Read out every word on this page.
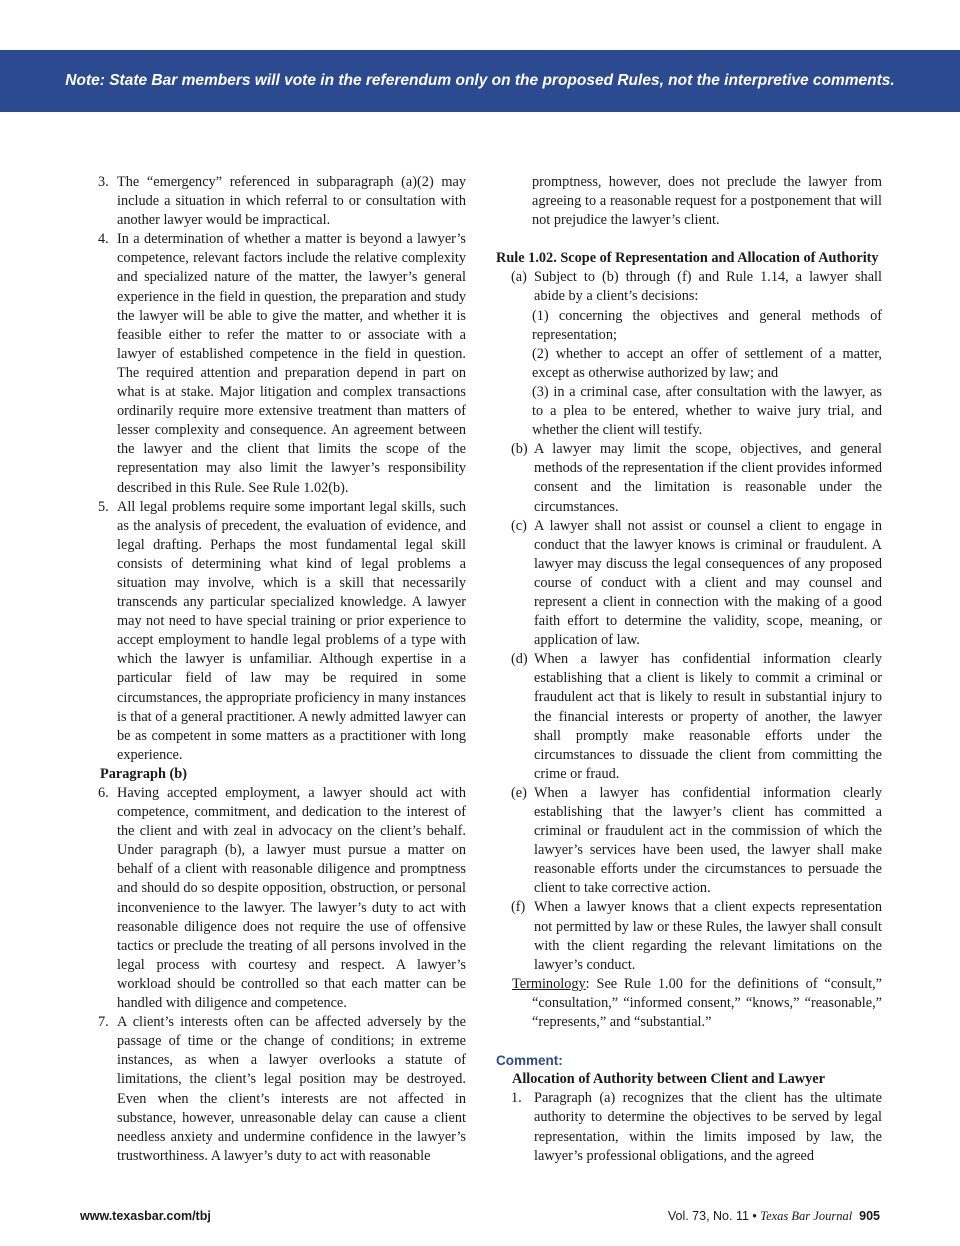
Note: State Bar members will vote in the referendum only on the proposed Rules, not the interpretive comments.

3. The “emergency” referenced in subparagraph (a)(2) may include a situation in which referral to or consultation with another lawyer would be impractical.

4. In a determination of whether a matter is beyond a lawyer’s competence, relevant factors include the relative complexity and specialized nature of the matter, the lawyer’s general experience in the field in question, the preparation and study the lawyer will be able to give the matter, and whether it is feasible either to refer the matter to or associate with a lawyer of established competence in the field in question. The required attention and preparation depend in part on what is at stake. Major litigation and complex transactions ordinarily require more extensive treatment than matters of lesser complexity and consequence. An agreement between the lawyer and the client that limits the scope of the representation may also limit the lawyer’s responsibility described in this Rule. See Rule 1.02(b).

5. All legal problems require some important legal skills, such as the analysis of precedent, the evaluation of evidence, and legal drafting. Perhaps the most fundamental legal skill consists of determining what kind of legal problems a situation may involve, which is a skill that necessarily transcends any particular specialized knowledge. A lawyer may not need to have special training or prior experience to accept employment to handle legal problems of a type with which the lawyer is unfamiliar. Although expertise in a particular field of law may be required in some circumstances, the appropriate proficiency in many instances is that of a general practitioner. A newly admitted lawyer can be as competent in some matters as a practitioner with long experience.

Paragraph (b)

6. Having accepted employment, a lawyer should act with competence, commitment, and dedication to the interest of the client and with zeal in advocacy on the client’s behalf. Under paragraph (b), a lawyer must pursue a matter on behalf of a client with reasonable diligence and promptness and should do so despite opposition, obstruction, or personal inconvenience to the lawyer. The lawyer’s duty to act with reasonable diligence does not require the use of offensive tactics or preclude the treating of all persons involved in the legal process with courtesy and respect. A lawyer’s workload should be controlled so that each matter can be handled with diligence and competence.

7. A client’s interests often can be affected adversely by the passage of time or the change of conditions; in extreme instances, as when a lawyer overlooks a statute of limitations, the client’s legal position may be destroyed. Even when the client’s interests are not affected in substance, however, unreasonable delay can cause a client needless anxiety and undermine confidence in the lawyer’s trustworthiness. A lawyer’s duty to act with reasonable

promptness, however, does not preclude the lawyer from agreeing to a reasonable request for a postponement that will not prejudice the lawyer’s client.

Rule 1.02. Scope of Representation and Allocation of Authority

(a) Subject to (b) through (f) and Rule 1.14, a lawyer shall abide by a client’s decisions:

(1) concerning the objectives and general methods of representation;

(2) whether to accept an offer of settlement of a matter, except as otherwise authorized by law; and

(3) in a criminal case, after consultation with the lawyer, as to a plea to be entered, whether to waive jury trial, and whether the client will testify.

(b) A lawyer may limit the scope, objectives, and general methods of the representation if the client provides informed consent and the limitation is reasonable under the circumstances.

(c) A lawyer shall not assist or counsel a client to engage in conduct that the lawyer knows is criminal or fraudulent. A lawyer may discuss the legal consequences of any proposed course of conduct with a client and may counsel and represent a client in connection with the making of a good faith effort to determine the validity, scope, meaning, or application of law.

(d) When a lawyer has confidential information clearly establishing that a client is likely to commit a criminal or fraudulent act that is likely to result in substantial injury to the financial interests or property of another, the lawyer shall promptly make reasonable efforts under the circumstances to dissuade the client from committing the crime or fraud.

(e) When a lawyer has confidential information clearly establishing that the lawyer’s client has committed a criminal or fraudulent act in the commission of which the lawyer’s services have been used, the lawyer shall make reasonable efforts under the circumstances to persuade the client to take corrective action.

(f) When a lawyer knows that a client expects representation not permitted by law or these Rules, the lawyer shall consult with the client regarding the relevant limitations on the lawyer’s conduct.

Terminology: See Rule 1.00 for the definitions of “consult,” “consultation,” “informed consent,” “knows,” “reasonable,” “represents,” and “substantial.”

Comment:

Allocation of Authority between Client and Lawyer

1. Paragraph (a) recognizes that the client has the ultimate authority to determine the objectives to be served by legal representation, within the limits imposed by law, the lawyer’s professional obligations, and the agreed

www.texasbar.com/tbj	Vol. 73, No. 11 • Texas Bar Journal 905
